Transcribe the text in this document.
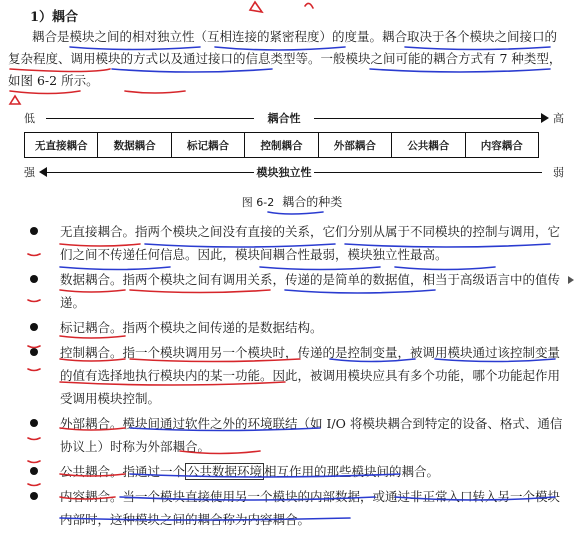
1）耦合

耦合是模块之间的相对独立性（互相连接的紧密程度）的度量。耦合取决于各个模块之间接口的复杂程度、调用模块的方式以及通过接口的信息类型等。一般模块之间可能的耦合方式有 7 种类型，如图 6-2 所示。

低	耦合性	高
无直接耦合	数据耦合	标记耦合	控制耦合	外部耦合	公共耦合	内容耦合
强	模块独立性	弱
图 6-2 耦合的种类
无直接耦合。指两个模块之间没有直接的关系，它们分别从属于不同模块的控制与调用，它们之间不传递任何信息。因此，模块间耦合性最弱，模块独立性最高。
数据耦合。指两个模块之间有调用关系，传递的是简单的数据值，相当于高级语言中的值传递。
标记耦合。指两个模块之间传递的是数据结构。
控制耦合。指一个模块调用另一个模块时，传递的是控制变量，被调用模块通过该控制变量的值有选择地执行模块内的某一功能。因此，被调用模块应具有多个功能，哪个功能起作用受调用模块控制。
外部耦合。模块间通过软件之外的环境联结（如 I/O 将模块耦合到特定的设备、格式、通信协议上）时称为外部耦合。
公共耦合。指通过一个 公共数据环境 相互作用的那些模块间的耦合。
内容耦合。当一个模块直接使用另一个模块的内部数据，或通过非正常入口转入另一个模块内部时，这种模块之间的耦合称为内容耦合。
